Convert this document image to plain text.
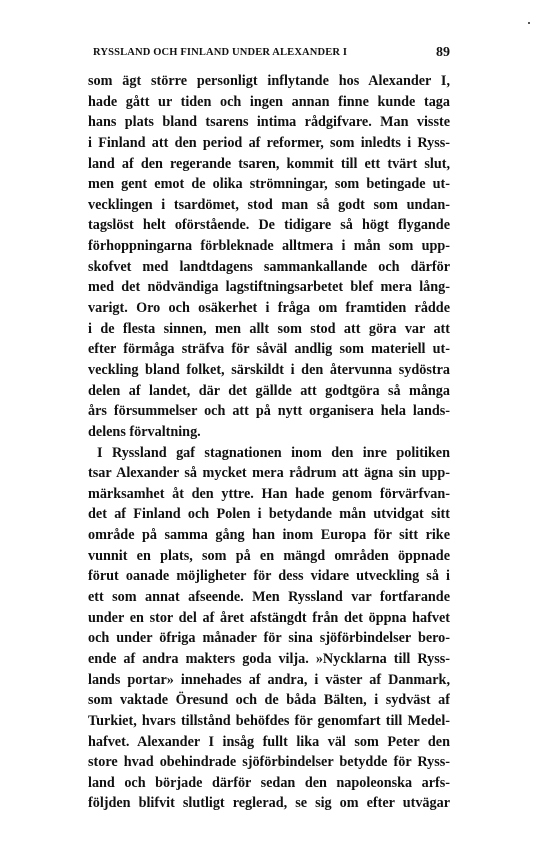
RYSSLAND OCH FINLAND UNDER ALEXANDER I	89
som ägt större personligt inflytande hos Alexander I,
hade gått ur tiden och ingen annan finne kunde taga
hans plats bland tsarens intima rådgifvare. Man visste
i Finland att den period af reformer, som inledts i Ryss-
land af den regerande tsaren, kommit till ett tvärt slut,
men gent emot de olika strömningar, som betingade ut-
vecklingen i tsardömet, stod man så godt som undan-
tagslöst helt oförstående. De tidigare så högt flygande
förhoppningarna förbleknade alltmera i mån som upp-
skofvet med landtdagens sammankallande och därför
med det nödvändiga lagstiftningsarbetet blef mera lång-
varigt. Oro och osäkerhet i fråga om framtiden rådde
i de flesta sinnen, men allt som stod att göra var att
efter förmåga sträfva för såväl andlig som materiell ut-
veckling bland folket, särskildt i den återvunna sydöstra
delen af landet, där det gällde att godtgöra så många
års försummelser och att på nytt organisera hela lands-
delens förvaltning.
I Ryssland gaf stagnationen inom den inre politiken
tsar Alexander så mycket mera rådrum att ägna sin upp-
märksamhet åt den yttre. Han hade genom förvärfvan-
det af Finland och Polen i betydande mån utvidgat sitt
område på samma gång han inom Europa för sitt rike
vunnit en plats, som på en mängd områden öppnade
förut oanade möjligheter för dess vidare utveckling så i
ett som annat afseende. Men Ryssland var fortfarande
under en stor del af året afstängdt från det öppna hafvet
och under öfriga månader för sina sjöförbindelser bero-
ende af andra makters goda vilja. »Nycklarna till Ryss-
lands portar» innehades af andra, i väster af Danmark,
som vaktade Öresund och de båda Bälten, i sydväst af
Turkiet, hvars tillstånd behöfdes för genomfart till Medel-
hafvet. Alexander I insåg fullt lika väl som Peter den
store hvad obehindrade sjöförbindelser betydde för Ryss-
land och började därför sedan den napoleonska arfs-
följden blifvit slutligt reglerad, se sig om efter utvägar
